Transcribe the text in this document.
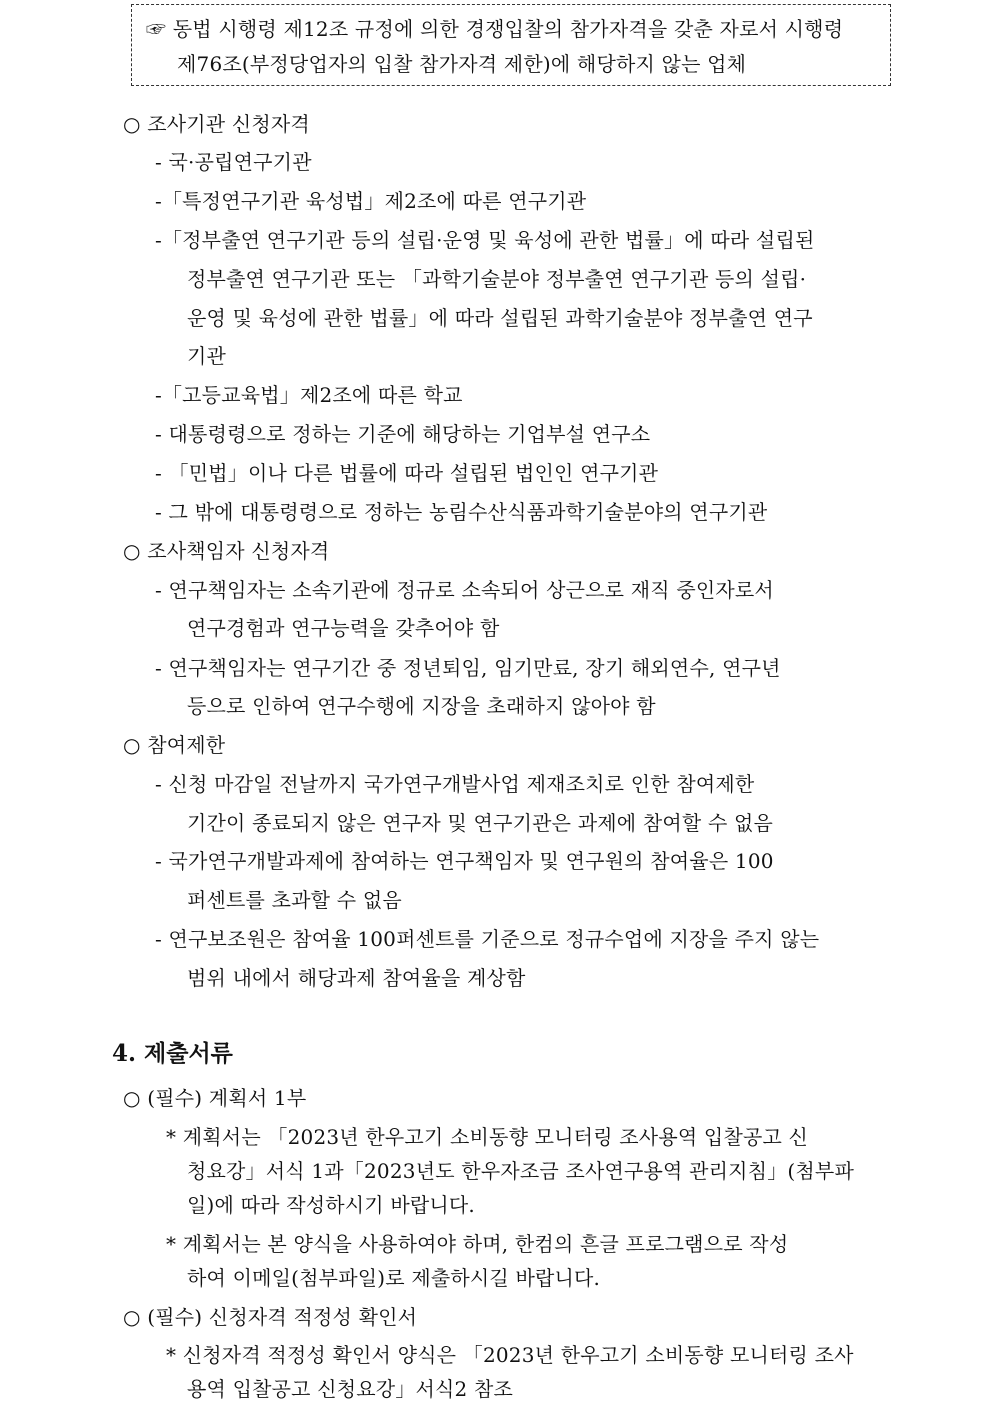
☞ 동법 시행령 제12조 규정에 의한 경쟁입찰의 참가자격을 갖춘 자로서 시행령
제76조(부정당업자의 입찰 참가자격 제한)에 해당하지 않는 업체
○ 조사기관 신청자격
- 국·공립연구기관
-「특정연구기관 육성법」제2조에 따른 연구기관
-「정부출연 연구기관 등의 설립·운영 및 육성에 관한 법률」에 따라 설립된
정부출연 연구기관 또는 「과학기술분야 정부출연 연구기관 등의 설립·
운영 및 육성에 관한 법률」에 따라 설립된 과학기술분야 정부출연 연구
기관
-「고등교육법」제2조에 따른 학교
- 대통령령으로 정하는 기준에 해당하는 기업부설 연구소
- 「민법」이나 다른 법률에 따라 설립된 법인인 연구기관
- 그 밖에 대통령령으로 정하는 농림수산식품과학기술분야의 연구기관
○ 조사책임자 신청자격
- 연구책임자는 소속기관에 정규로 소속되어 상근으로 재직 중인자로서
연구경험과 연구능력을 갖추어야 함
- 연구책임자는 연구기간 중 정년퇴임, 임기만료, 장기 해외연수, 연구년
등으로 인하여 연구수행에 지장을 초래하지 않아야 함
○ 참여제한
- 신청 마감일 전날까지 국가연구개발사업 제재조치로 인한 참여제한
기간이 종료되지 않은 연구자 및 연구기관은 과제에 참여할 수 없음
- 국가연구개발과제에 참여하는 연구책임자 및 연구원의 참여율은 100
퍼센트를 초과할 수 없음
- 연구보조원은 참여율 100퍼센트를 기준으로 정규수업에 지장을 주지 않는
범위 내에서 해당과제 참여율을 계상함
4. 제출서류
○ (필수) 계획서 1부
* 계획서는 「2023년 한우고기 소비동향 모니터링 조사용역 입찰공고 신
청요강」서식 1과「2023년도 한우자조금 조사연구용역 관리지침」(첨부파
일)에 따라 작성하시기 바랍니다.
* 계획서는 본 양식을 사용하여야 하며, 한컴의 흔글 프로그램으로 작성
하여 이메일(첨부파일)로 제출하시길 바랍니다.
○ (필수) 신청자격 적정성 확인서
* 신청자격 적정성 확인서 양식은 「2023년 한우고기 소비동향 모니터링 조사
용역 입찰공고 신청요강」서식2 참조
